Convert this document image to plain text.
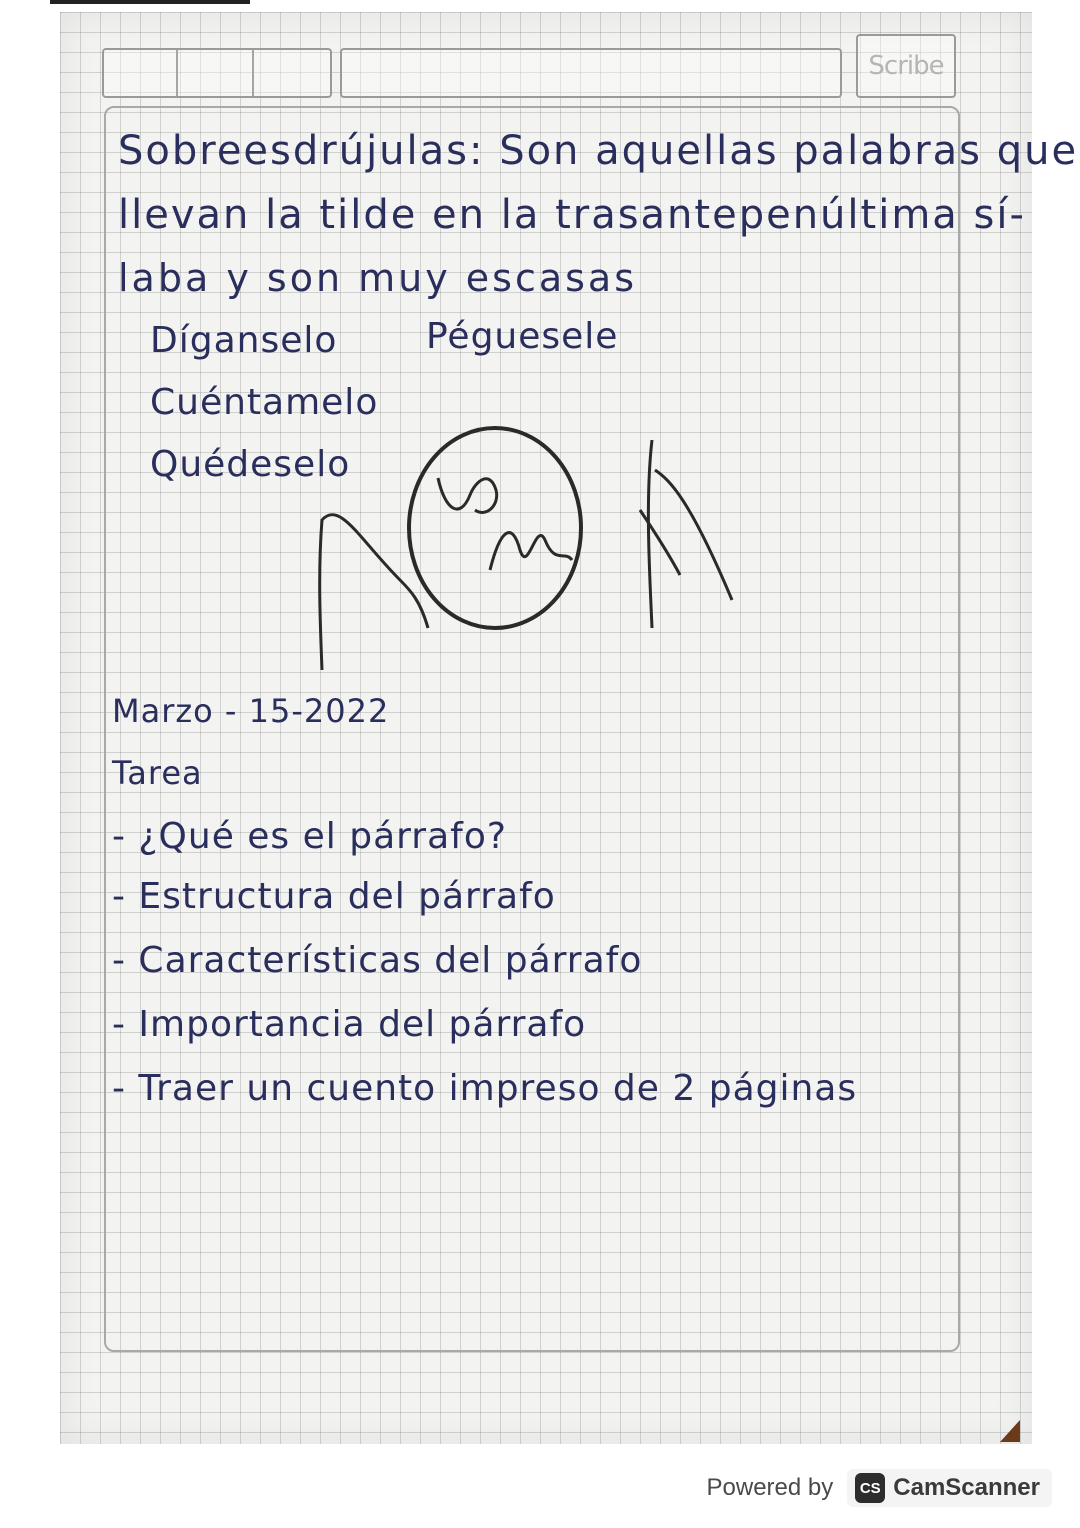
Scribe
Sobreesdrújulas: Son aquellas palabras que
llevan la tilde en la trasantepenúltima sí-
laba y son muy escasas
Díganselo
Cuéntamelo
Quédeselo
Péguesele
Marzo - 15-2022
Tarea
- ¿Qué es el párrafo?
- Estructura del párrafo
- Características del párrafo
- Importancia del párrafo
- Traer un cuento impreso de 2 páginas
Powered by	CS CamScanner
